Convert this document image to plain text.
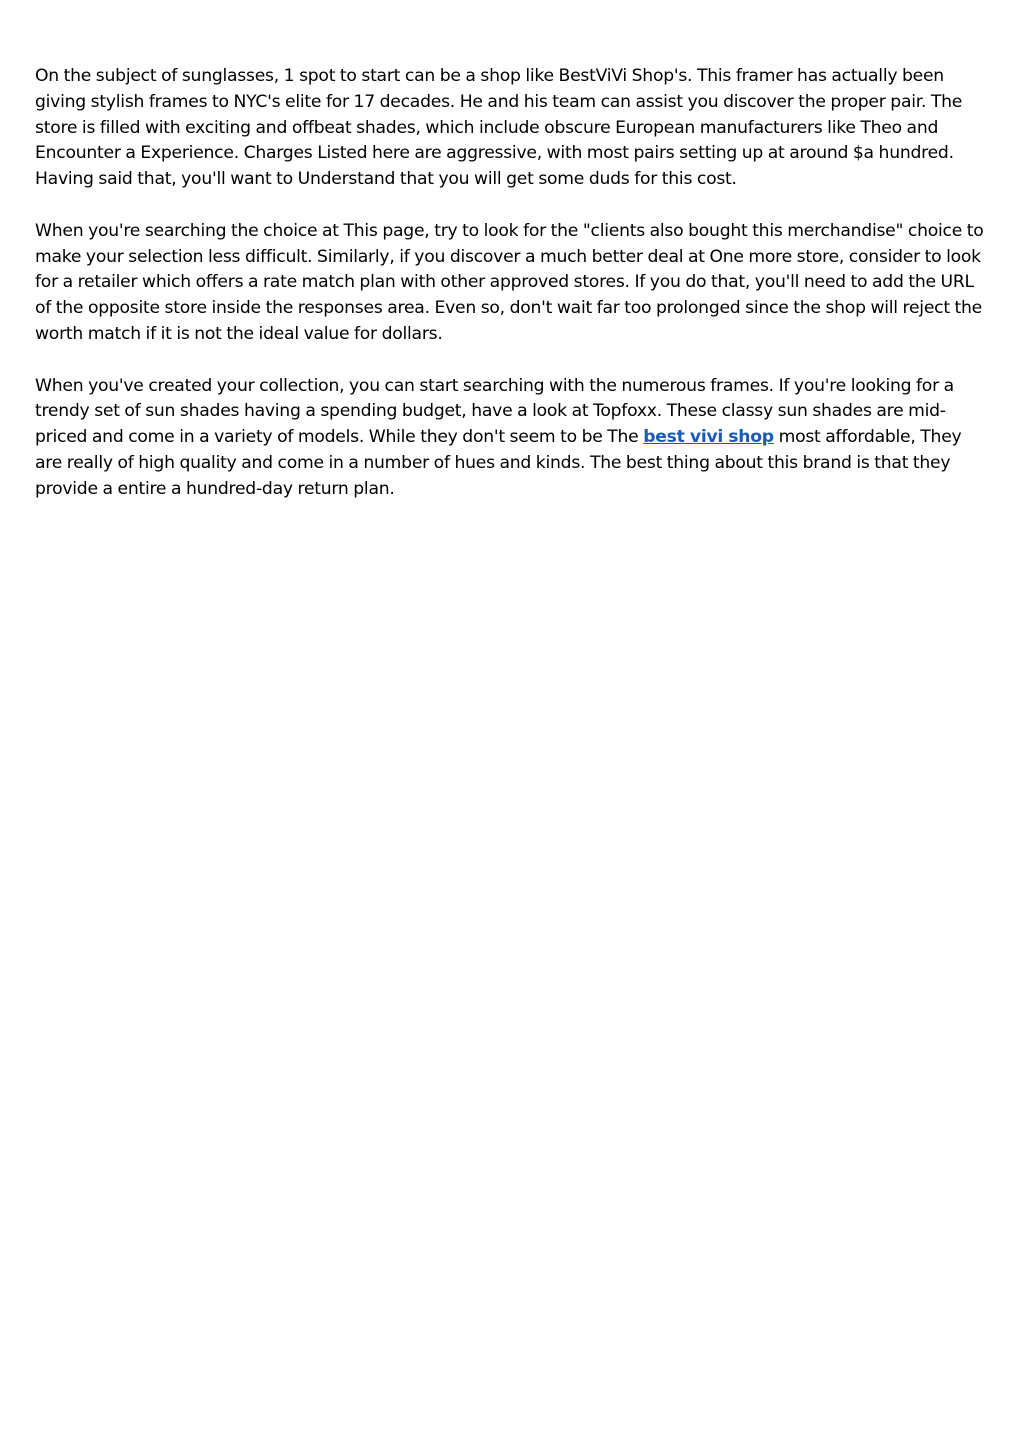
On the subject of sunglasses, 1 spot to start can be a shop like BestViVi Shop's. This framer has actually been giving stylish frames to NYC's elite for 17 decades. He and his team can assist you discover the proper pair. The store is filled with exciting and offbeat shades, which include obscure European manufacturers like Theo and Encounter a Experience. Charges Listed here are aggressive, with most pairs setting up at around $a hundred. Having said that, you'll want to Understand that you will get some duds for this cost.

When you're searching the choice at This page, try to look for the "clients also bought this merchandise" choice to make your selection less difficult. Similarly, if you discover a much better deal at One more store, consider to look for a retailer which offers a rate match plan with other approved stores. If you do that, you'll need to add the URL of the opposite store inside the responses area. Even so, don't wait far too prolonged since the shop will reject the worth match if it is not the ideal value for dollars.

When you've created your collection, you can start searching with the numerous frames. If you're looking for a trendy set of sun shades having a spending budget, have a look at Topfoxx. These classy sun shades are mid-priced and come in a variety of models. While they don't seem to be The best vivi shop most affordable, They are really of high quality and come in a number of hues and kinds. The best thing about this brand is that they provide a entire a hundred-day return plan.
